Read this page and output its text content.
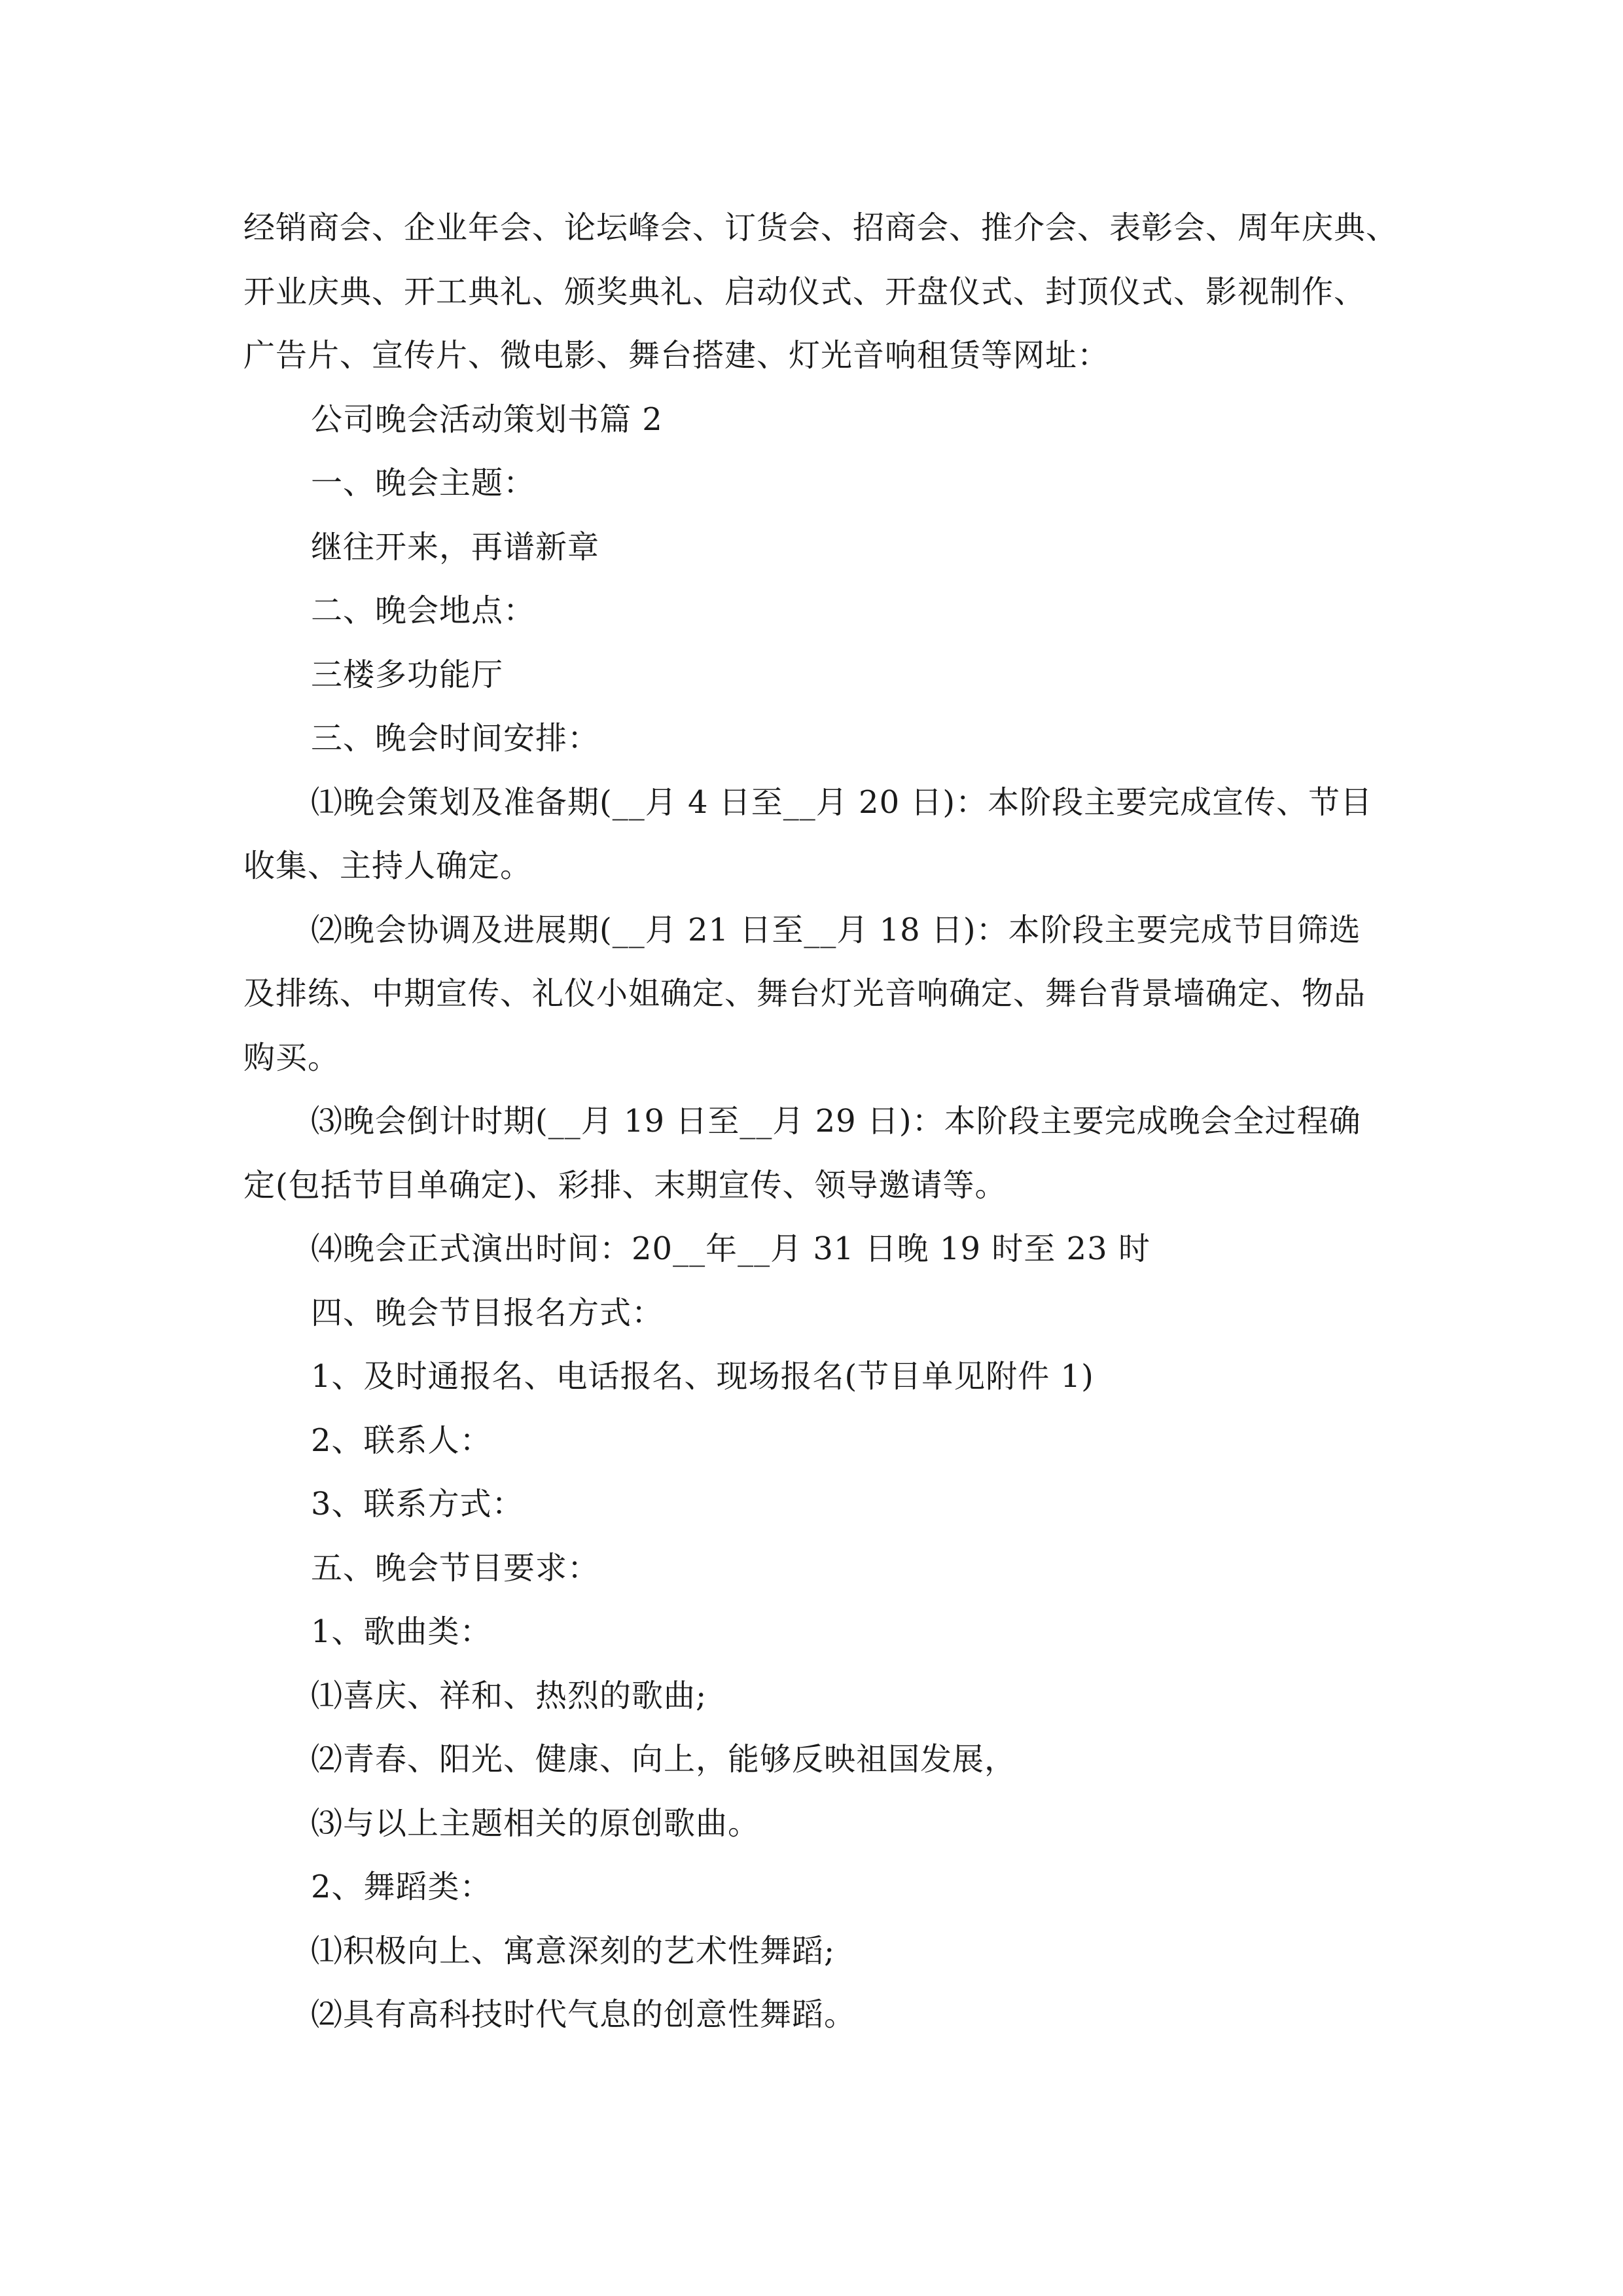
经销商会、企业年会、论坛峰会、订货会、招商会、推介会、表彰会、周年庆典、
开业庆典、开工典礼、颁奖典礼、启动仪式、开盘仪式、封顶仪式、影视制作、
广告片、宣传片、微电影、舞台搭建、灯光音响租赁等网址：
公司晚会活动策划书篇 2
一、晚会主题：
继往开来，再谱新章
二、晚会地点：
三楼多功能厅
三、晚会时间安排：
⑴晚会策划及准备期(__月 4 日至__月 20 日)：本阶段主要完成宣传、节目
收集、主持人确定。
⑵晚会协调及进展期(__月 21 日至__月 18 日)：本阶段主要完成节目筛选
及排练、中期宣传、礼仪小姐确定、舞台灯光音响确定、舞台背景墙确定、物品
购买。
⑶晚会倒计时期(__月 19 日至__月 29 日)：本阶段主要完成晚会全过程确
定(包括节目单确定)、彩排、末期宣传、领导邀请等。
⑷晚会正式演出时间：20__年__月 31 日晚 19 时至 23 时
四、晚会节目报名方式：
1、及时通报名、电话报名、现场报名(节目单见附件 1)
2、联系人：
3、联系方式：
五、晚会节目要求：
1、歌曲类：
⑴喜庆、祥和、热烈的歌曲;
⑵青春、阳光、健康、向上，能够反映祖国发展，
⑶与以上主题相关的原创歌曲。
2、舞蹈类：
⑴积极向上、寓意深刻的艺术性舞蹈;
⑵具有高科技时代气息的创意性舞蹈。
